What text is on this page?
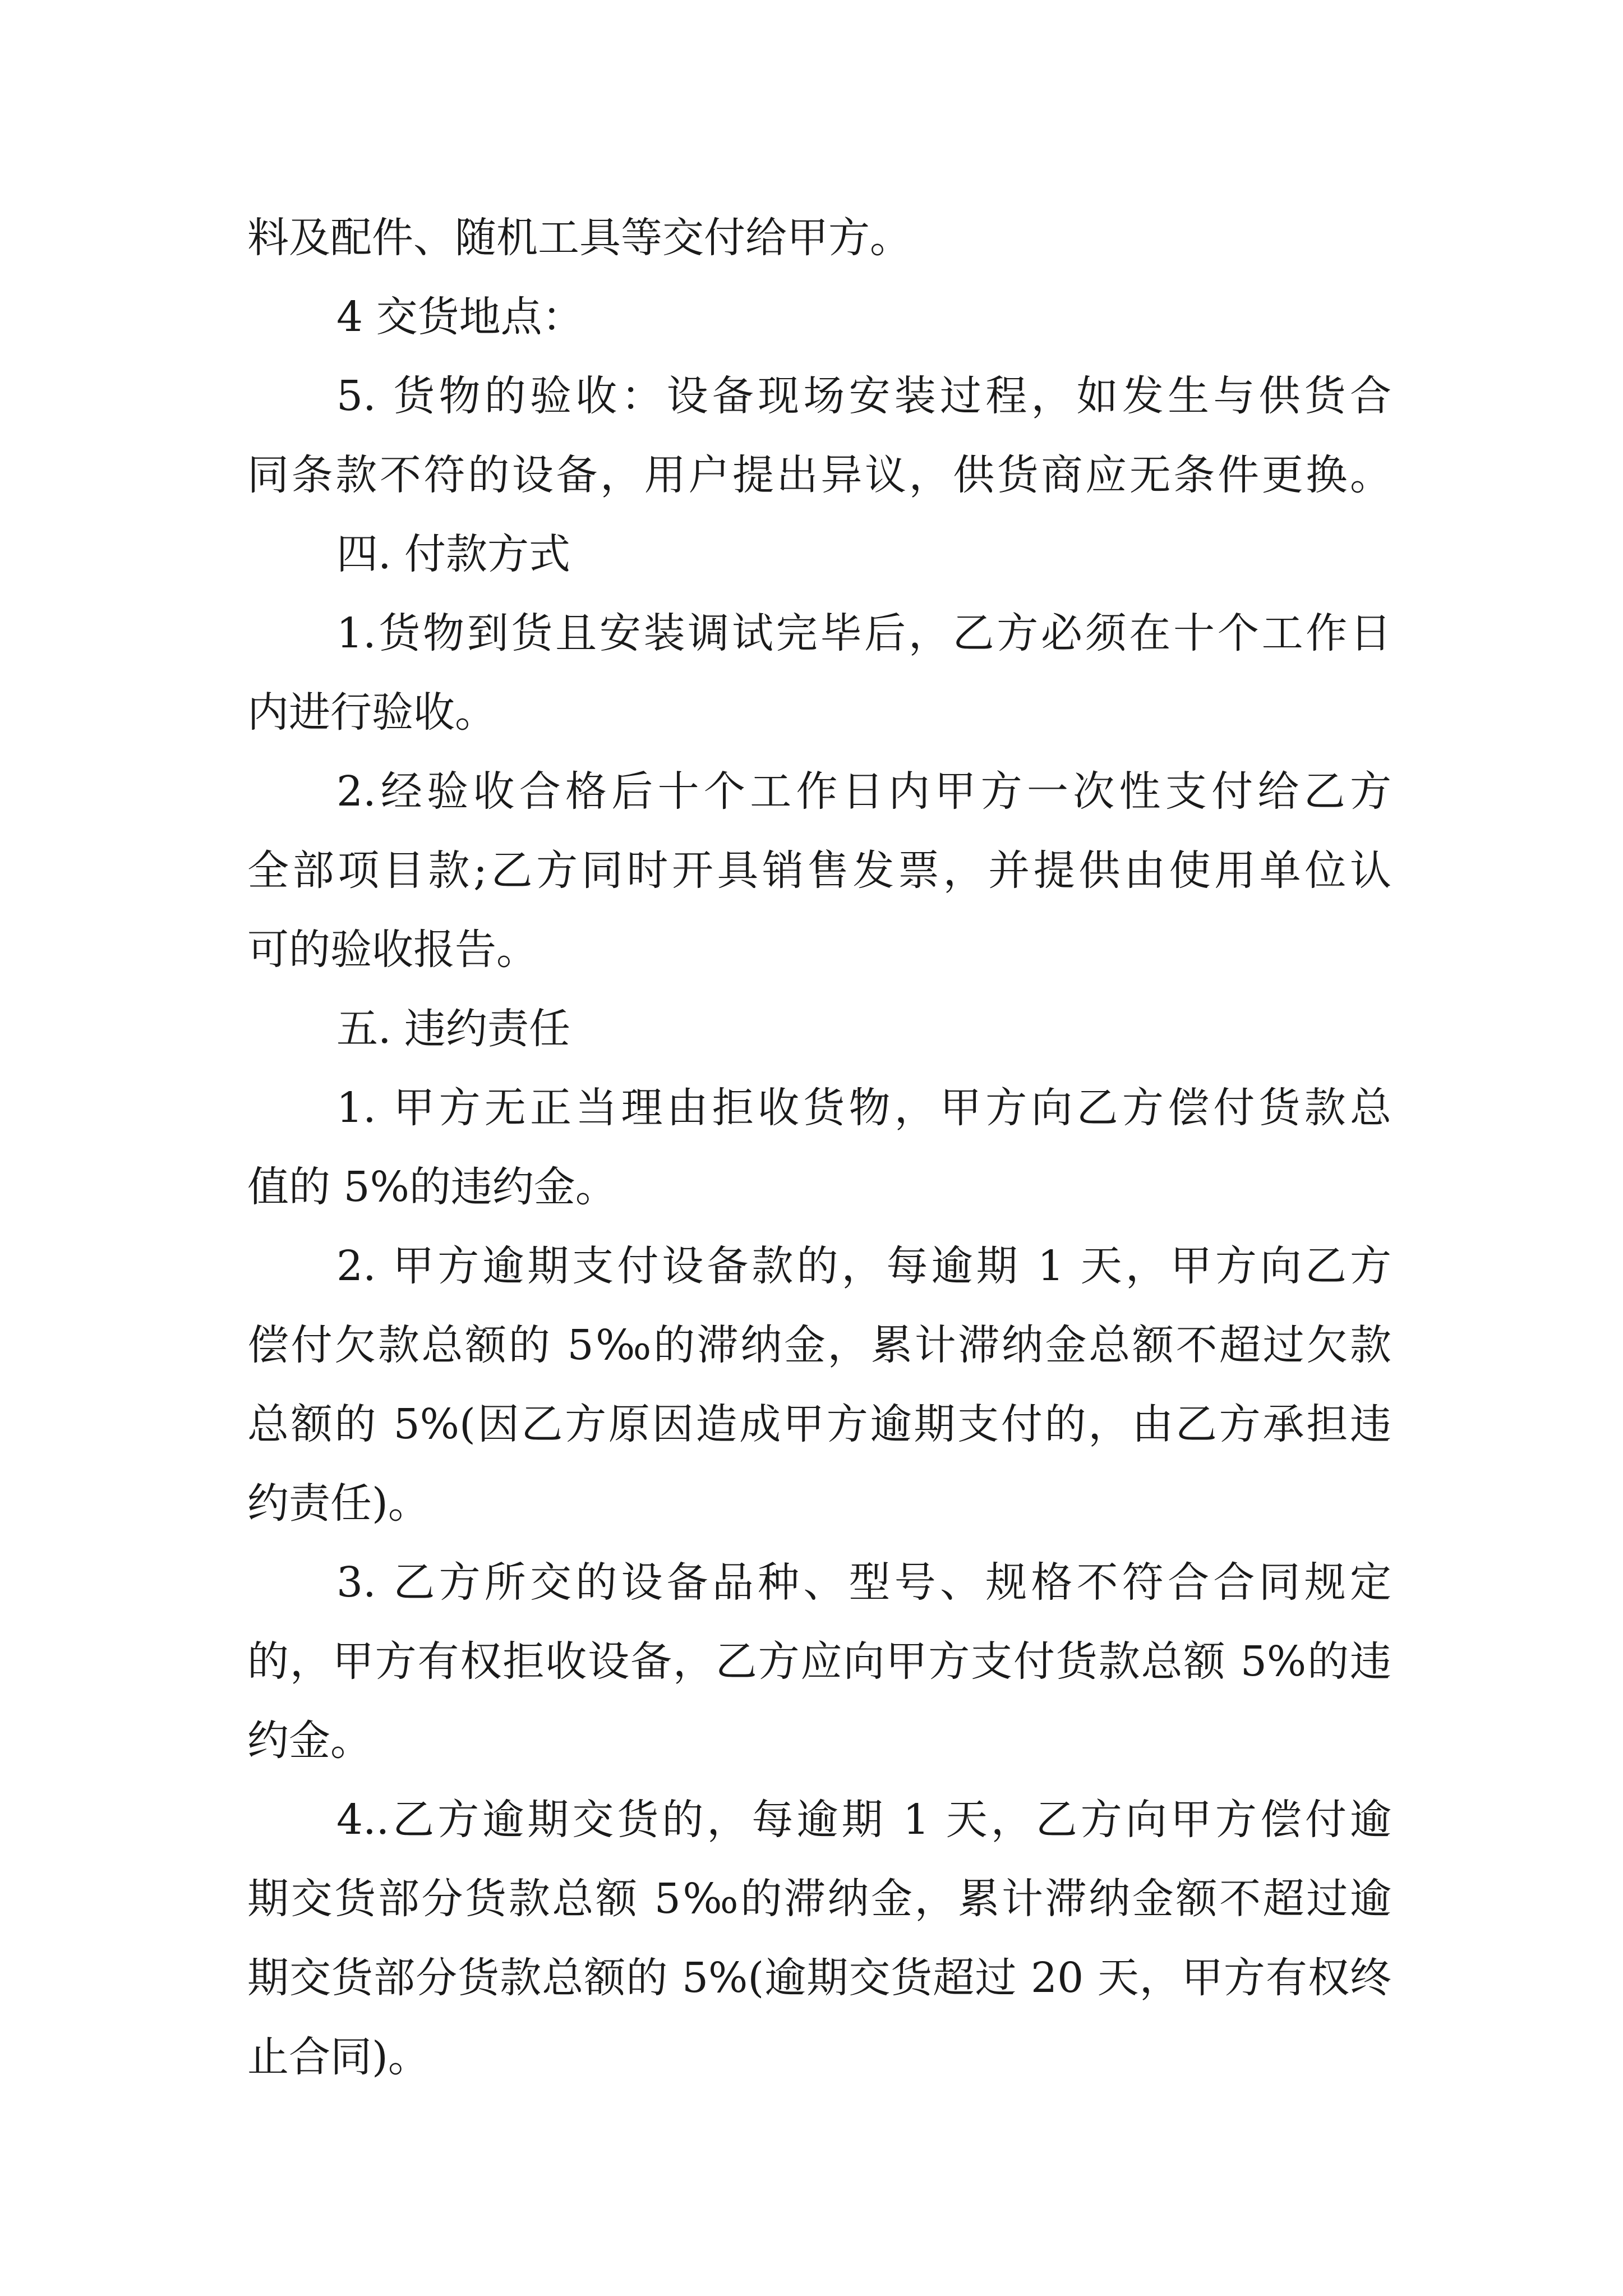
料及配件、随机工具等交付给甲方。
4 交货地点：
5. 货物的验收：设备现场安装过程，如发生与供货合
同条款不符的设备，用户提出异议，供货商应无条件更换。
四. 付款方式
1.货物到货且安装调试完毕后，乙方必须在十个工作日
内进行验收。
2.经验收合格后十个工作日内甲方一次性支付给乙方
全部项目款;乙方同时开具销售发票，并提供由使用单位认
可的验收报告。
五. 违约责任
1. 甲方无正当理由拒收货物，甲方向乙方偿付货款总
值的 5%的违约金。
2. 甲方逾期支付设备款的，每逾期 1 天，甲方向乙方
偿付欠款总额的 5‰的滞纳金，累计滞纳金总额不超过欠款
总额的 5%(因乙方原因造成甲方逾期支付的，由乙方承担违
约责任)。
3. 乙方所交的设备品种、型号、规格不符合合同规定
的，甲方有权拒收设备，乙方应向甲方支付货款总额 5%的违
约金。
4..乙方逾期交货的，每逾期 1 天，乙方向甲方偿付逾
期交货部分货款总额 5‰的滞纳金，累计滞纳金额不超过逾
期交货部分货款总额的 5%(逾期交货超过 20 天，甲方有权终
止合同)。
